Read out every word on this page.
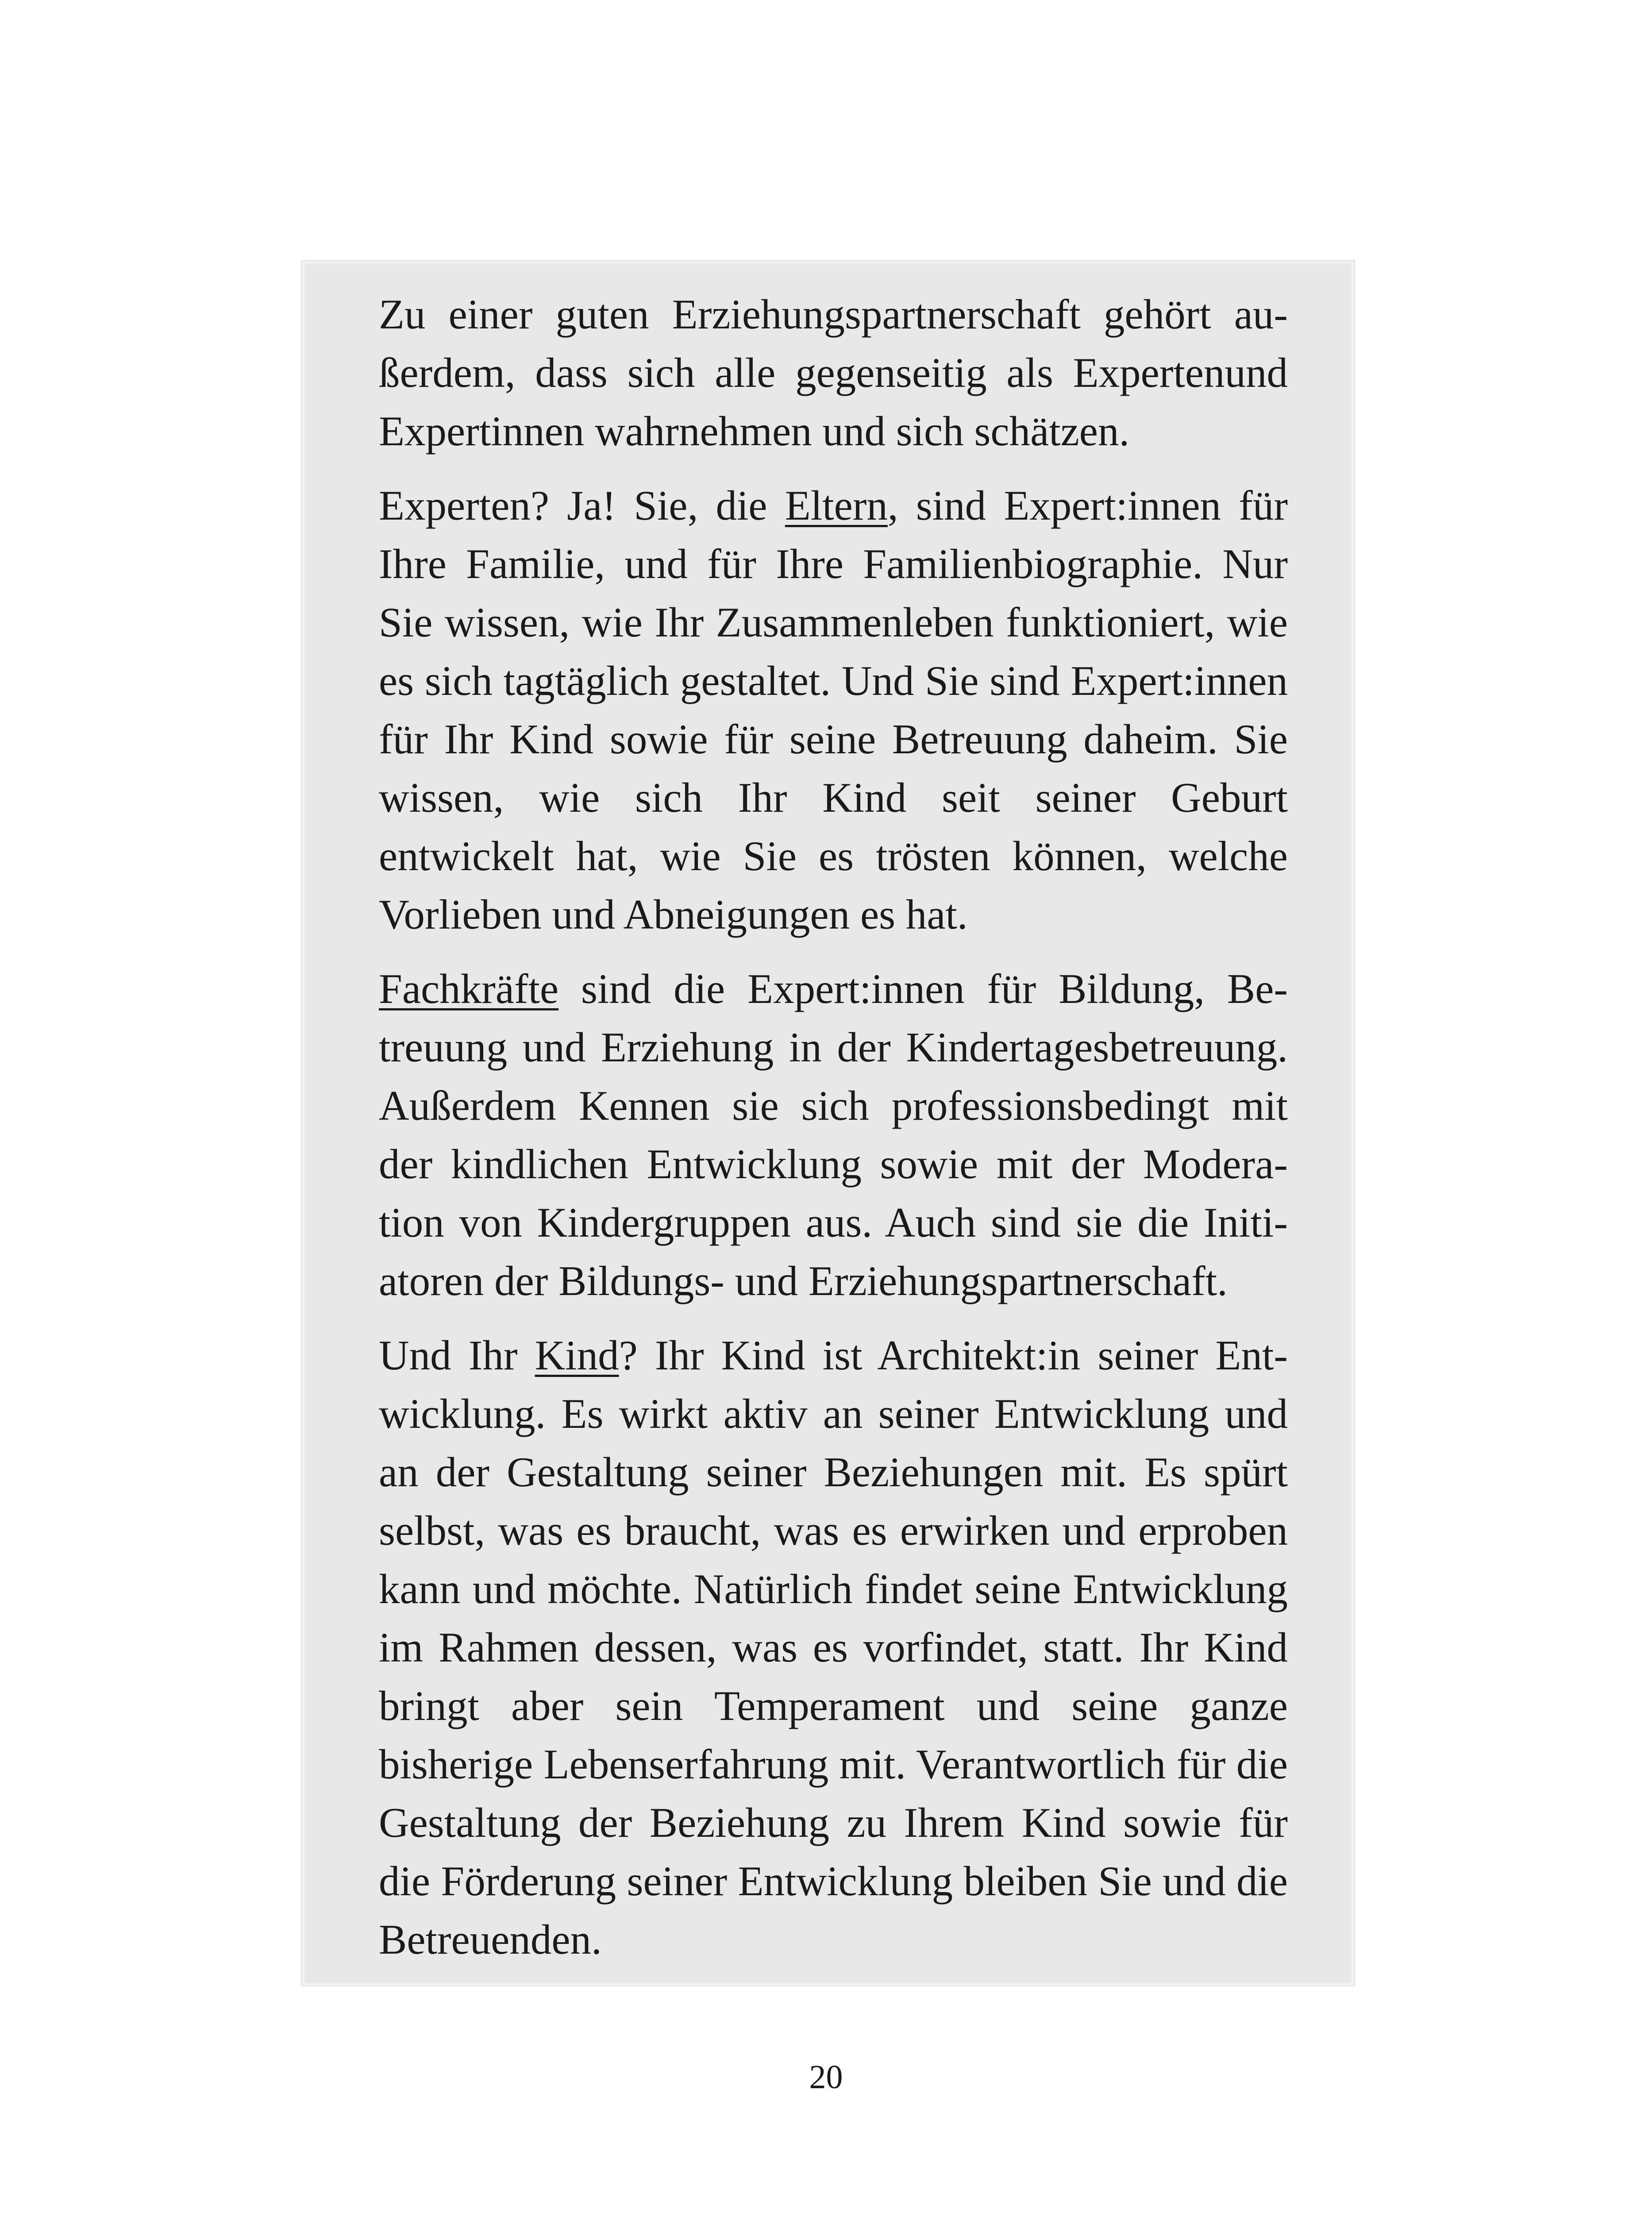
Zu einer guten Erziehungspartnerschaft gehört außerdem, dass sich alle gegenseitig als Expertenund Expertinnen wahrnehmen und sich schätzen.

Experten? Ja! Sie, die Eltern, sind Expert:innen für Ihre Familie, und für Ihre Familienbiographie. Nur Sie wissen, wie Ihr Zusammenleben funktioniert, wie es sich tagtäglich gestaltet. Und Sie sind Expert:innen für Ihr Kind sowie für seine Betreuung daheim. Sie wissen, wie sich Ihr Kind seit seiner Geburt entwickelt hat, wie Sie es trösten können, welche Vorlieben und Abneigungen es hat.

Fachkräfte sind die Expert:innen für Bildung, Betreuung und Erziehung in der Kindertagesbetreuung. Außerdem Kennen sie sich professionsbedingt mit der kindlichen Entwicklung sowie mit der Moderation von Kindergruppen aus. Auch sind sie die Initiatoren der Bildungs- und Erziehungspartnerschaft.

Und Ihr Kind? Ihr Kind ist Architekt:in seiner Entwicklung. Es wirkt aktiv an seiner Entwicklung und an der Gestaltung seiner Beziehungen mit. Es spürt selbst, was es braucht, was es erwirken und erproben kann und möchte. Natürlich findet seine Entwicklung im Rahmen dessen, was es vorfindet, statt. Ihr Kind bringt aber sein Temperament und seine ganze bisherige Lebenserfahrung mit. Verantwortlich für die Gestaltung der Beziehung zu Ihrem Kind sowie für die Förderung seiner Entwicklung bleiben Sie und die Betreuenden.

20
